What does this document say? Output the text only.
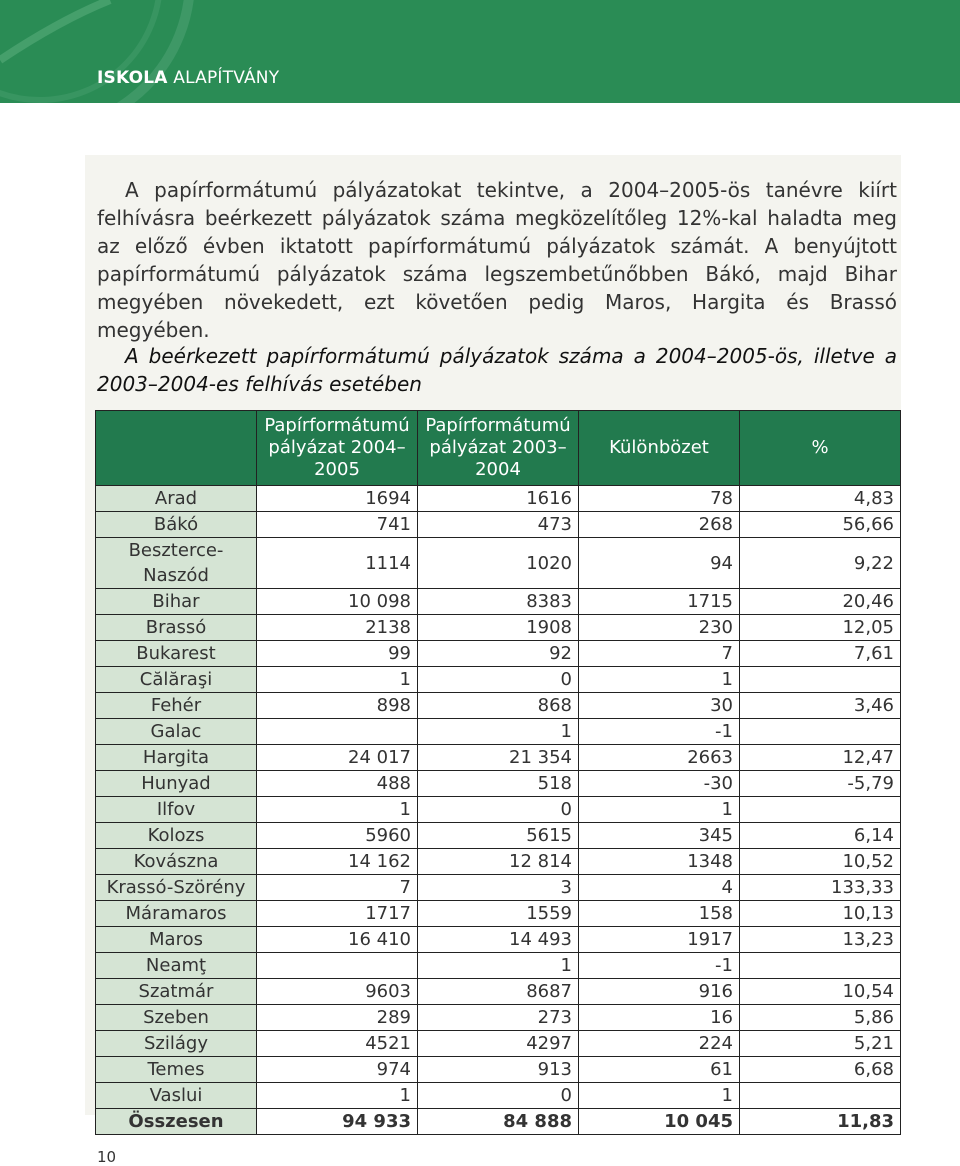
ISKOLA ALAPÍTVÁNY

A papírformátumú pályázatokat tekintve, a 2004–2005-ös tanévre kiírt felhívásra beérkezett pályázatok száma megközelítőleg 12%-kal haladta meg az előző évben iktatott papírformátumú pályázatok számát. A benyújtott papírformátumú pályázatok száma legszembetűnőbben Bákó, majd Bihar megyében növekedett, ezt követően pedig Maros, Hargita és Brassó megyében.

A beérkezett papírformátumú pályázatok száma a 2004–2005-ös, illetve a 2003–2004-es felhívás esetében

	Papírformátumú pályázat 2004–2005	Papírformátumú pályázat 2003–2004	Különbözet	%
Arad	1694	1616	78	4,83
Bákó	741	473	268	56,66
Beszterce-Naszód	1114	1020	94	9,22
Bihar	10 098	8383	1715	20,46
Brassó	2138	1908	230	12,05
Bukarest	99	92	7	7,61
Călăraşi	1	0	1	
Fehér	898	868	30	3,46
Galac		1	-1	
Hargita	24 017	21 354	2663	12,47
Hunyad	488	518	-30	-5,79
Ilfov	1	0	1	
Kolozs	5960	5615	345	6,14
Kovászna	14 162	12 814	1348	10,52
Krassó-Szörény	7	3	4	133,33
Máramaros	1717	1559	158	10,13
Maros	16 410	14 493	1917	13,23
Neamţ		1	-1	
Szatmár	9603	8687	916	10,54
Szeben	289	273	16	5,86
Szilágy	4521	4297	224	5,21
Temes	974	913	61	6,68
Vaslui	1	0	1	
Összesen	94 933	84 888	10 045	11,83
10
